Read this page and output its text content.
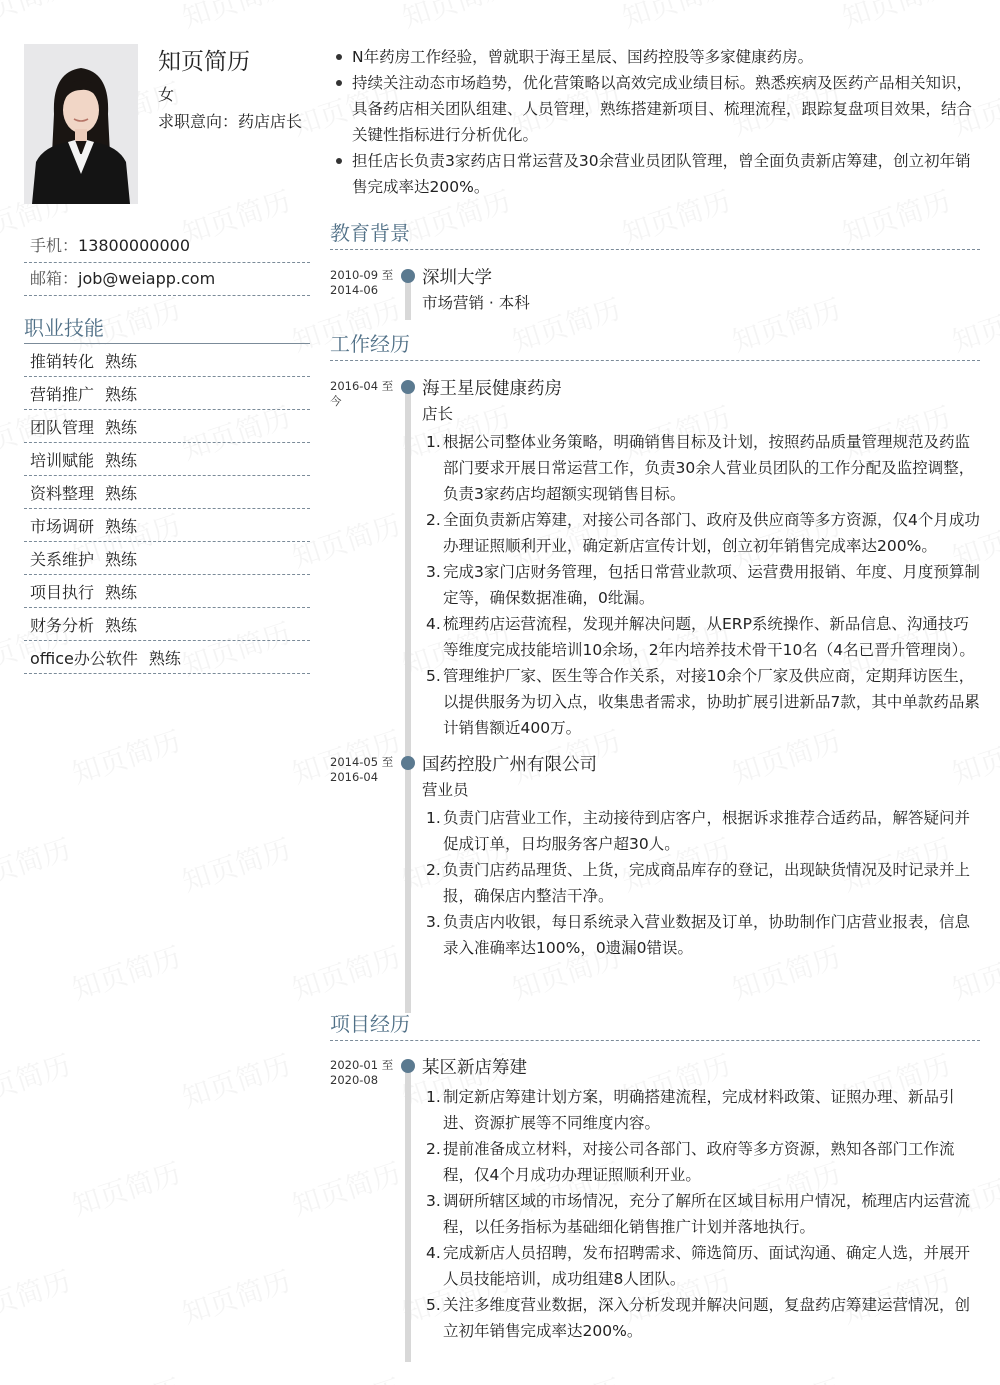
知页简历
女
求职意向：药店店长
手机： 13800000000
邮箱： job@weiapp.com
职业技能
推销转化 熟练
营销推广 熟练
团队管理 熟练
培训赋能 熟练
资料整理 熟练
市场调研 熟练
关系维护 熟练
项目执行 熟练
财务分析 熟练
office办公软件 熟练
N年药房工作经验，曾就职于海王星辰、国药控股等多家健康药房。
持续关注动态市场趋势，优化营策略以高效完成业绩目标。熟悉疾病及医药产品相关知识，具备药店相关团队组建、人员管理，熟练搭建新项目、梳理流程，跟踪复盘项目效果，结合关键性指标进行分析优化。
担任店长负责3家药店日常运营及30余营业员团队管理，曾全面负责新店筹建，创立初年销售完成率达200%。
教育背景
2010-09 至 2014-06
深圳大学
市场营销 · 本科
工作经历
2016-04 至 今
海王星辰健康药房
店长
1. 根据公司整体业务策略，明确销售目标及计划，按照药品质量管理规范及药监部门要求开展日常运营工作，负责30余人营业员团队的工作分配及监控调整，负责3家药店均超额实现销售目标。
2. 全面负责新店筹建，对接公司各部门、政府及供应商等多方资源，仅4个月成功办理证照顺利开业，确定新店宣传计划，创立初年销售完成率达200%。
3. 完成3家门店财务管理，包括日常营业款项、运营费用报销、年度、月度预算制定等，确保数据准确，0纰漏。
4. 梳理药店运营流程，发现并解决问题，从ERP系统操作、新品信息、沟通技巧等维度完成技能培训10余场，2年内培养技术骨干10名（4名已晋升管理岗）。
5. 管理维护厂家、医生等合作关系，对接10余个厂家及供应商，定期拜访医生，以提供服务为切入点，收集患者需求，协助扩展引进新品7款，其中单款药品累计销售额近400万。
2014-05 至 2016-04
国药控股广州有限公司
营业员
1. 负责门店营业工作，主动接待到店客户，根据诉求推荐合适药品，解答疑问并促成订单，日均服务客户超30人。
2. 负责门店药品理货、上货，完成商品库存的登记，出现缺货情况及时记录并上报，确保店内整洁干净。
3. 负责店内收银，每日系统录入营业数据及订单，协助制作门店营业报表，信息录入准确率达100%，0遗漏0错误。
项目经历
2020-01 至 2020-08
某区新店筹建
1. 制定新店筹建计划方案，明确搭建流程，完成材料政策、证照办理、新品引进、资源扩展等不同维度内容。
2. 提前准备成立材料，对接公司各部门、政府等多方资源，熟知各部门工作流程，仅4个月成功办理证照顺利开业。
3. 调研所辖区域的市场情况，充分了解所在区域目标用户情况，梳理店内运营流程，以任务指标为基础细化销售推广计划并落地执行。
4. 完成新店人员招聘，发布招聘需求、筛选简历、面试沟通、确定人选，并展开人员技能培训，成功组建8人团队。
5. 关注多维度营业数据，深入分析发现并解决问题，复盘药店筹建运营情况，创立初年销售完成率达200%。
